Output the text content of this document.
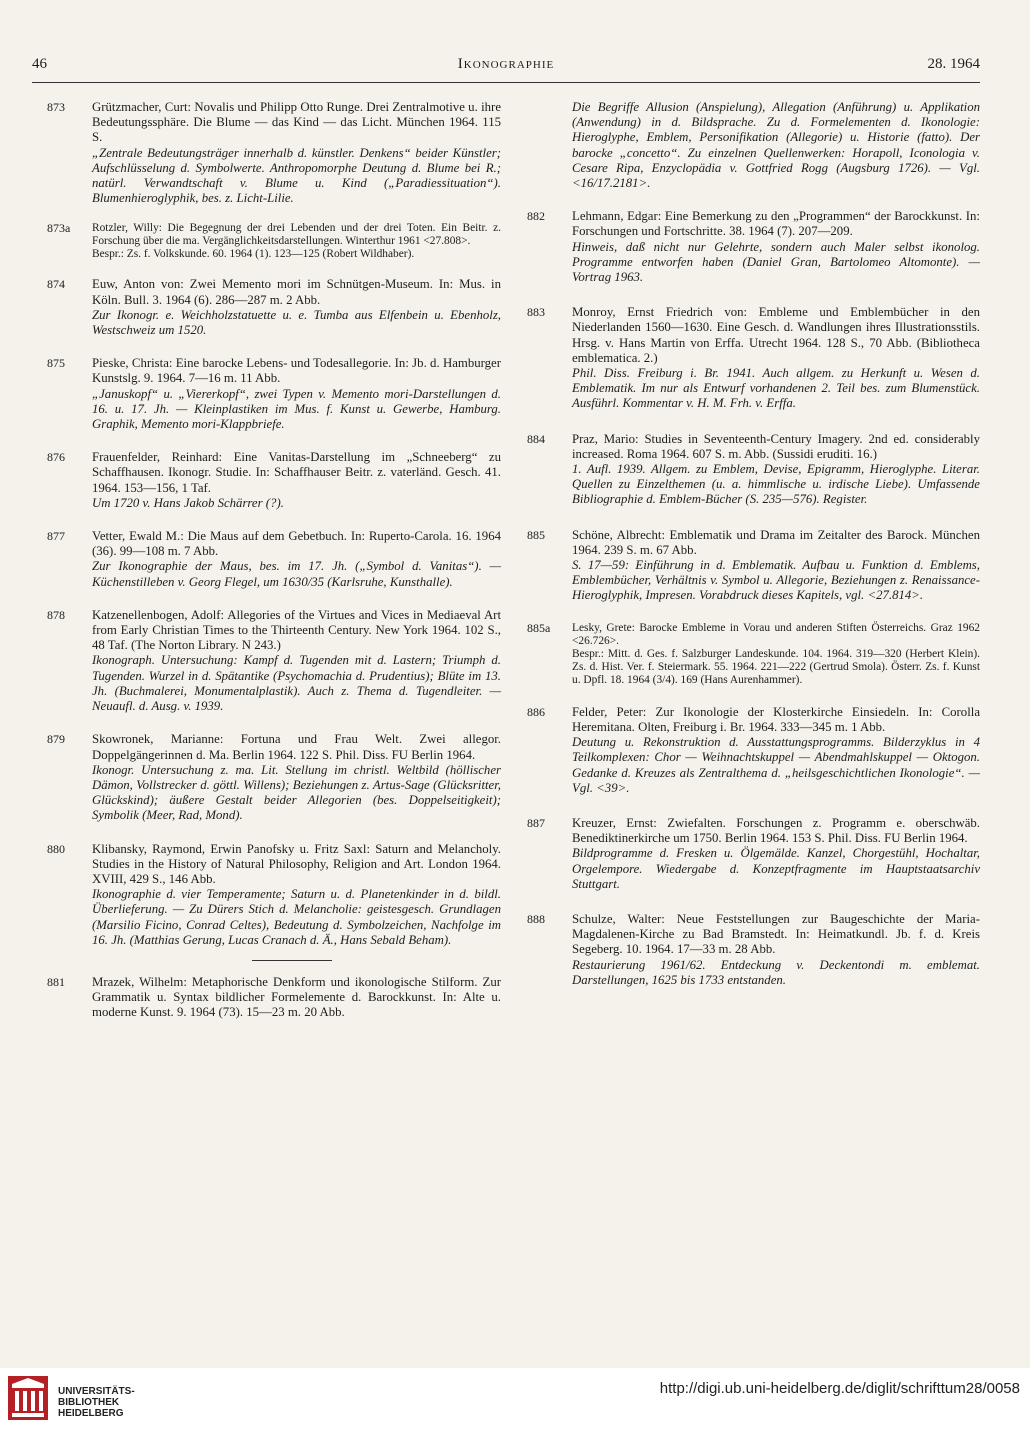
46	Ikonographie	28. 1964
873	Grützmacher, Curt: Novalis und Philipp Otto Runge. Drei Zentralmotive u. ihre Bedeutungssphäre. Die Blume — das Kind — das Licht. München 1964. 115 S.

„Zentrale Bedeutungsträger innerhalb d. künstler. Denkens“ beider Künstler; Aufschlüsselung d. Symbolwerte. Anthropomorphe Deutung d. Blume bei R.; natürl. Verwandtschaft v. Blume u. Kind („Paradiessituation“). Blumenhieroglyphik, bes. z. Licht-Lilie.

873a	Rotzler, Willy: Die Begegnung der drei Lebenden und der drei Toten. Ein Beitr. z. Forschung über die ma. Vergänglichkeitsdarstellungen. Winterthur 1961 <27.808>.

Bespr.: Zs. f. Volkskunde. 60. 1964 (1). 123—125 (Robert Wildhaber).

874	Euw, Anton von: Zwei Memento mori im Schnütgen-Museum. In: Mus. in Köln. Bull. 3. 1964 (6). 286—287 m. 2 Abb.

Zur Ikonogr. e. Weichholzstatuette u. e. Tumba aus Elfenbein u. Ebenholz, Westschweiz um 1520.

875	Pieske, Christa: Eine barocke Lebens- und Todesallegorie. In: Jb. d. Hamburger Kunstslg. 9. 1964. 7—16 m. 11 Abb.

„Januskopf“ u. „Viererkopf“, zwei Typen v. Memento mori-Darstellungen d. 16. u. 17. Jh. — Kleinplastiken im Mus. f. Kunst u. Gewerbe, Hamburg. Graphik, Memento mori-Klappbriefe.

876	Frauenfelder, Reinhard: Eine Vanitas-Darstellung im „Schneeberg“ zu Schaffhausen. Ikonogr. Studie. In: Schaffhauser Beitr. z. vaterländ. Gesch. 41. 1964. 153—156, 1 Taf.

Um 1720 v. Hans Jakob Schärrer (?).

877	Vetter, Ewald M.: Die Maus auf dem Gebetbuch. In: Ruperto-Carola. 16. 1964 (36). 99—108 m. 7 Abb.

Zur Ikonographie der Maus, bes. im 17. Jh. („Symbol d. Vanitas“). — Küchenstilleben v. Georg Flegel, um 1630/35 (Karlsruhe, Kunsthalle).

878	Katzenellenbogen, Adolf: Allegories of the Virtues and Vices in Mediaeval Art from Early Christian Times to the Thirteenth Century. New York 1964. 102 S., 48 Taf. (The Norton Library. N 243.)

Ikonograph. Untersuchung: Kampf d. Tugenden mit d. Lastern; Triumph d. Tugenden. Wurzel in d. Spätantike (Psychomachia d. Prudentius); Blüte im 13. Jh. (Buchmalerei, Monumentalplastik). Auch z. Thema d. Tugendleiter. — Neuaufl. d. Ausg. v. 1939.

879	Skowronek, Marianne: Fortuna und Frau Welt. Zwei allegor. Doppelgängerinnen d. Ma. Berlin 1964. 122 S. Phil. Diss. FU Berlin 1964.

Ikonogr. Untersuchung z. ma. Lit. Stellung im christl. Weltbild (höllischer Dämon, Vollstrecker d. göttl. Willens); Beziehungen z. Artus-Sage (Glücksritter, Glückskind); äußere Gestalt beider Allegorien (bes. Doppelseitigkeit); Symbolik (Meer, Rad, Mond).

880	Klibansky, Raymond, Erwin Panofsky u. Fritz Saxl: Saturn and Melancholy. Studies in the History of Natural Philosophy, Religion and Art. London 1964. XVIII, 429 S., 146 Abb.

Ikonographie d. vier Temperamente; Saturn u. d. Planetenkinder in d. bildl. Überlieferung. — Zu Dürers Stich d. Melancholie: geistesgesch. Grundlagen (Marsilio Ficino, Conrad Celtes), Bedeutung d. Symbolzeichen, Nachfolge im 16. Jh. (Matthias Gerung, Lucas Cranach d. Ä., Hans Sebald Beham).

881	Mrazek, Wilhelm: Metaphorische Denkform und ikonologische Stilform. Zur Grammatik u. Syntax bildlicher Formelemente d. Barockkunst. In: Alte u. moderne Kunst. 9. 1964 (73). 15—23 m. 20 Abb.

Die Begriffe Allusion (Anspielung), Allegation (Anführung) u. Applikation (Anwendung) in d. Bildsprache. Zu d. Formelementen d. Ikonologie: Hieroglyphe, Emblem, Personifikation (Allegorie) u. Historie (fatto). Der barocke „concetto“. Zu einzelnen Quellenwerken: Horapoll, Iconologia v. Cesare Ripa, Enzyclopädia v. Gottfried Rogg (Augsburg 1726). — Vgl. <16/17.2181>.

882	Lehmann, Edgar: Eine Bemerkung zu den „Programmen“ der Barockkunst. In: Forschungen und Fortschritte. 38. 1964 (7). 207—209.

Hinweis, daß nicht nur Gelehrte, sondern auch Maler selbst ikonolog. Programme entworfen haben (Daniel Gran, Bartolomeo Altomonte). — Vortrag 1963.

883	Monroy, Ernst Friedrich von: Embleme und Emblembücher in den Niederlanden 1560—1630. Eine Gesch. d. Wandlungen ihres Illustrationsstils. Hrsg. v. Hans Martin von Erffa. Utrecht 1964. 128 S., 70 Abb. (Bibliotheca emblematica. 2.)

Phil. Diss. Freiburg i. Br. 1941. Auch allgem. zu Herkunft u. Wesen d. Emblematik. Im nur als Entwurf vorhandenen 2. Teil bes. zum Blumenstück. Ausführl. Kommentar v. H. M. Frh. v. Erffa.

884	Praz, Mario: Studies in Seventeenth-Century Imagery. 2nd ed. considerably increased. Roma 1964. 607 S. m. Abb. (Sussidi eruditi. 16.)

1. Aufl. 1939. Allgem. zu Emblem, Devise, Epigramm, Hieroglyphe. Literar. Quellen zu Einzelthemen (u. a. himmlische u. irdische Liebe). Umfassende Bibliographie d. Emblem-Bücher (S. 235—576). Register.

885	Schöne, Albrecht: Emblematik und Drama im Zeitalter des Barock. München 1964. 239 S. m. 67 Abb.

S. 17—59: Einführung in d. Emblematik. Aufbau u. Funktion d. Emblems, Emblembücher, Verhältnis v. Symbol u. Allegorie, Beziehungen z. Renaissance-Hieroglyphik, Impresen. Vorabdruck dieses Kapitels, vgl. <27.814>.

885a	Lesky, Grete: Barocke Embleme in Vorau und anderen Stiften Österreichs. Graz 1962 <26.726>.

Bespr.: Mitt. d. Ges. f. Salzburger Landeskunde. 104. 1964. 319—320 (Herbert Klein). Zs. d. Hist. Ver. f. Steiermark. 55. 1964. 221—222 (Gertrud Smola). Österr. Zs. f. Kunst u. Dpfl. 18. 1964 (3/4). 169 (Hans Aurenhammer).

886	Felder, Peter: Zur Ikonologie der Klosterkirche Einsiedeln. In: Corolla Heremitana. Olten, Freiburg i. Br. 1964. 333—345 m. 1 Abb.

Deutung u. Rekonstruktion d. Ausstattungsprogramms. Bilderzyklus in 4 Teilkomplexen: Chor — Weihnachtskuppel — Abendmahlskuppel — Oktogon. Gedanke d. Kreuzes als Zentralthema d. „heilsgeschichtlichen Ikonologie“. — Vgl. <39>.

887	Kreuzer, Ernst: Zwiefalten. Forschungen z. Programm e. oberschwäb. Benediktinerkirche um 1750. Berlin 1964. 153 S. Phil. Diss. FU Berlin 1964.

Bildprogramme d. Fresken u. Ölgemälde. Kanzel, Chorgestühl, Hochaltar, Orgelempore. Wiedergabe d. Konzeptfragmente im Hauptstaatsarchiv Stuttgart.

888	Schulze, Walter: Neue Feststellungen zur Baugeschichte der Maria-Magdalenen-Kirche zu Bad Bramstedt. In: Heimatkundl. Jb. f. d. Kreis Segeberg. 10. 1964. 17—33 m. 28 Abb.

Restaurierung 1961/62. Entdeckung v. Deckentondi m. emblemat. Darstellungen, 1625 bis 1733 entstanden.

UNIVERSITÄTS-
BIBLIOTHEK
HEIDELBERG
http://digi.ub.uni-heidelberg.de/diglit/schrifttum28/0058
